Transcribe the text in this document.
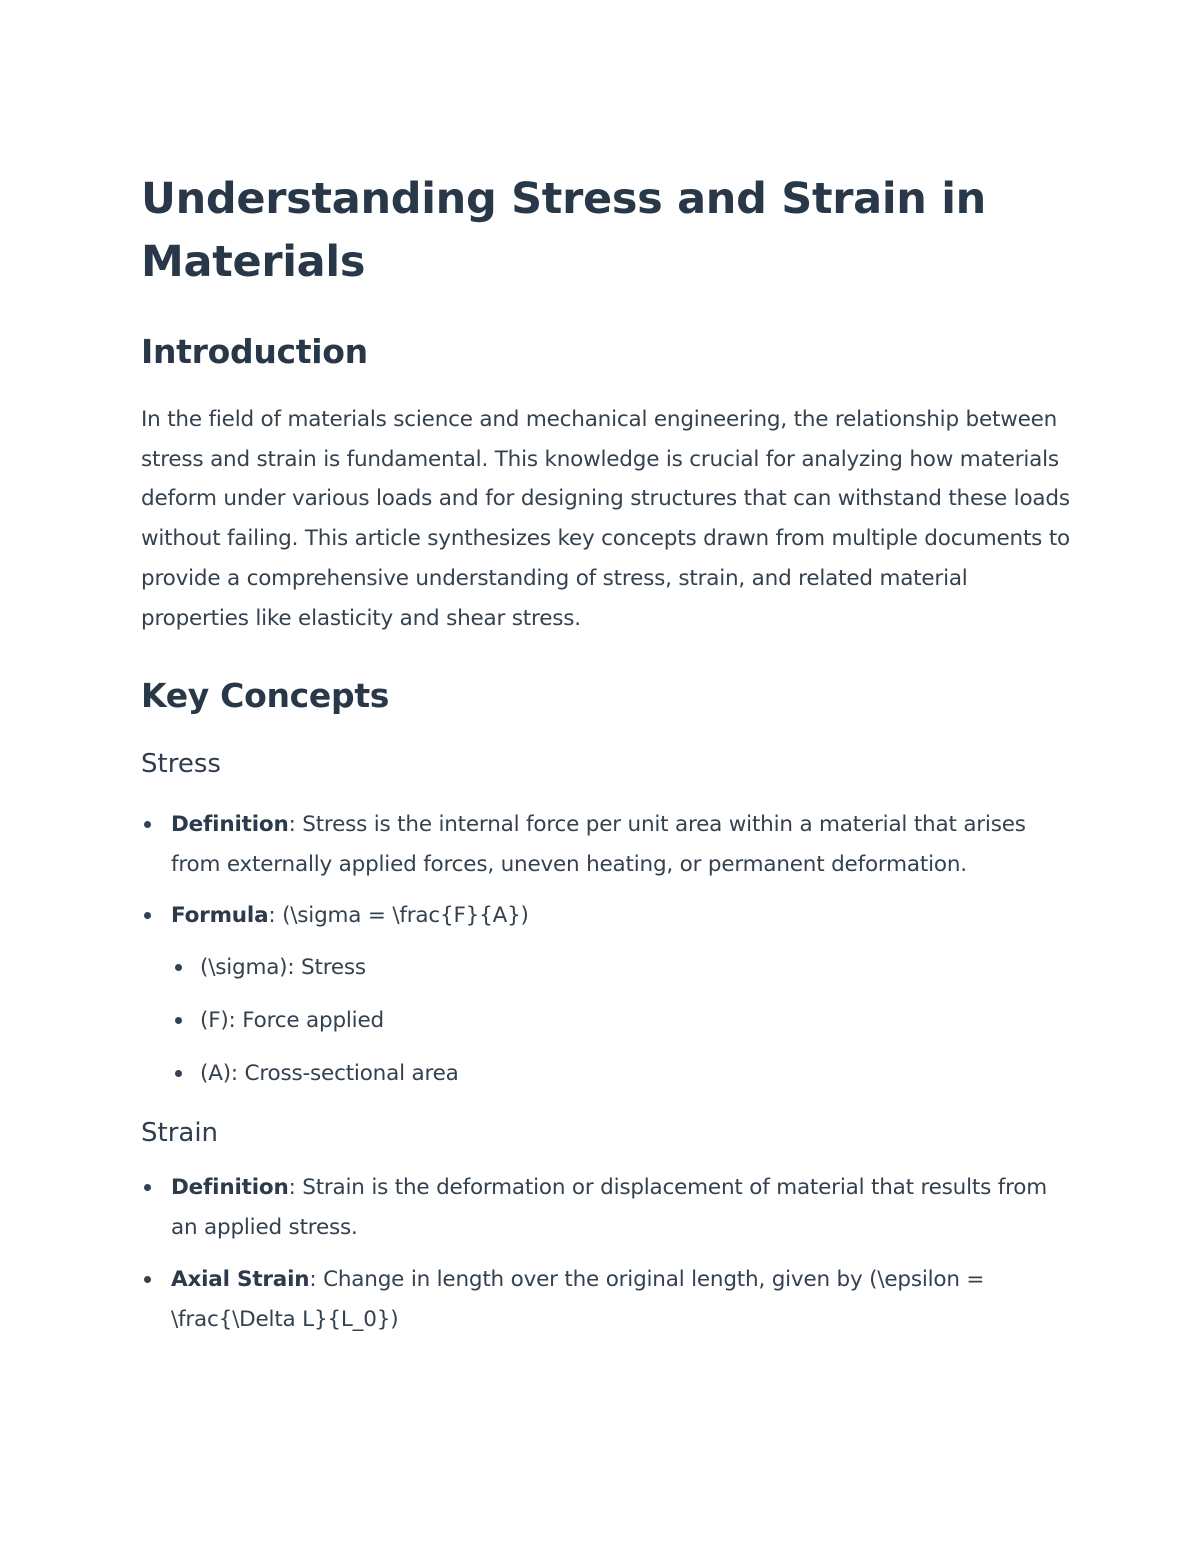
Understanding Stress and Strain in Materials
Introduction

In the field of materials science and mechanical engineering, the relationship between stress and strain is fundamental. This knowledge is crucial for analyzing how materials deform under various loads and for designing structures that can withstand these loads without failing. This article synthesizes key concepts drawn from multiple documents to provide a comprehensive understanding of stress, strain, and related material properties like elasticity and shear stress.

Key Concepts
Stress
Definition: Stress is the internal force per unit area within a material that arises from externally applied forces, uneven heating, or permanent deformation.
Formula: (\sigma = \frac{F}{A})
(\sigma): Stress
(F): Force applied
(A): Cross-sectional area
Strain
Definition: Strain is the deformation or displacement of material that results from an applied stress.
Axial Strain: Change in length over the original length, given by (\epsilon = \frac{\Delta L}{L_0})
